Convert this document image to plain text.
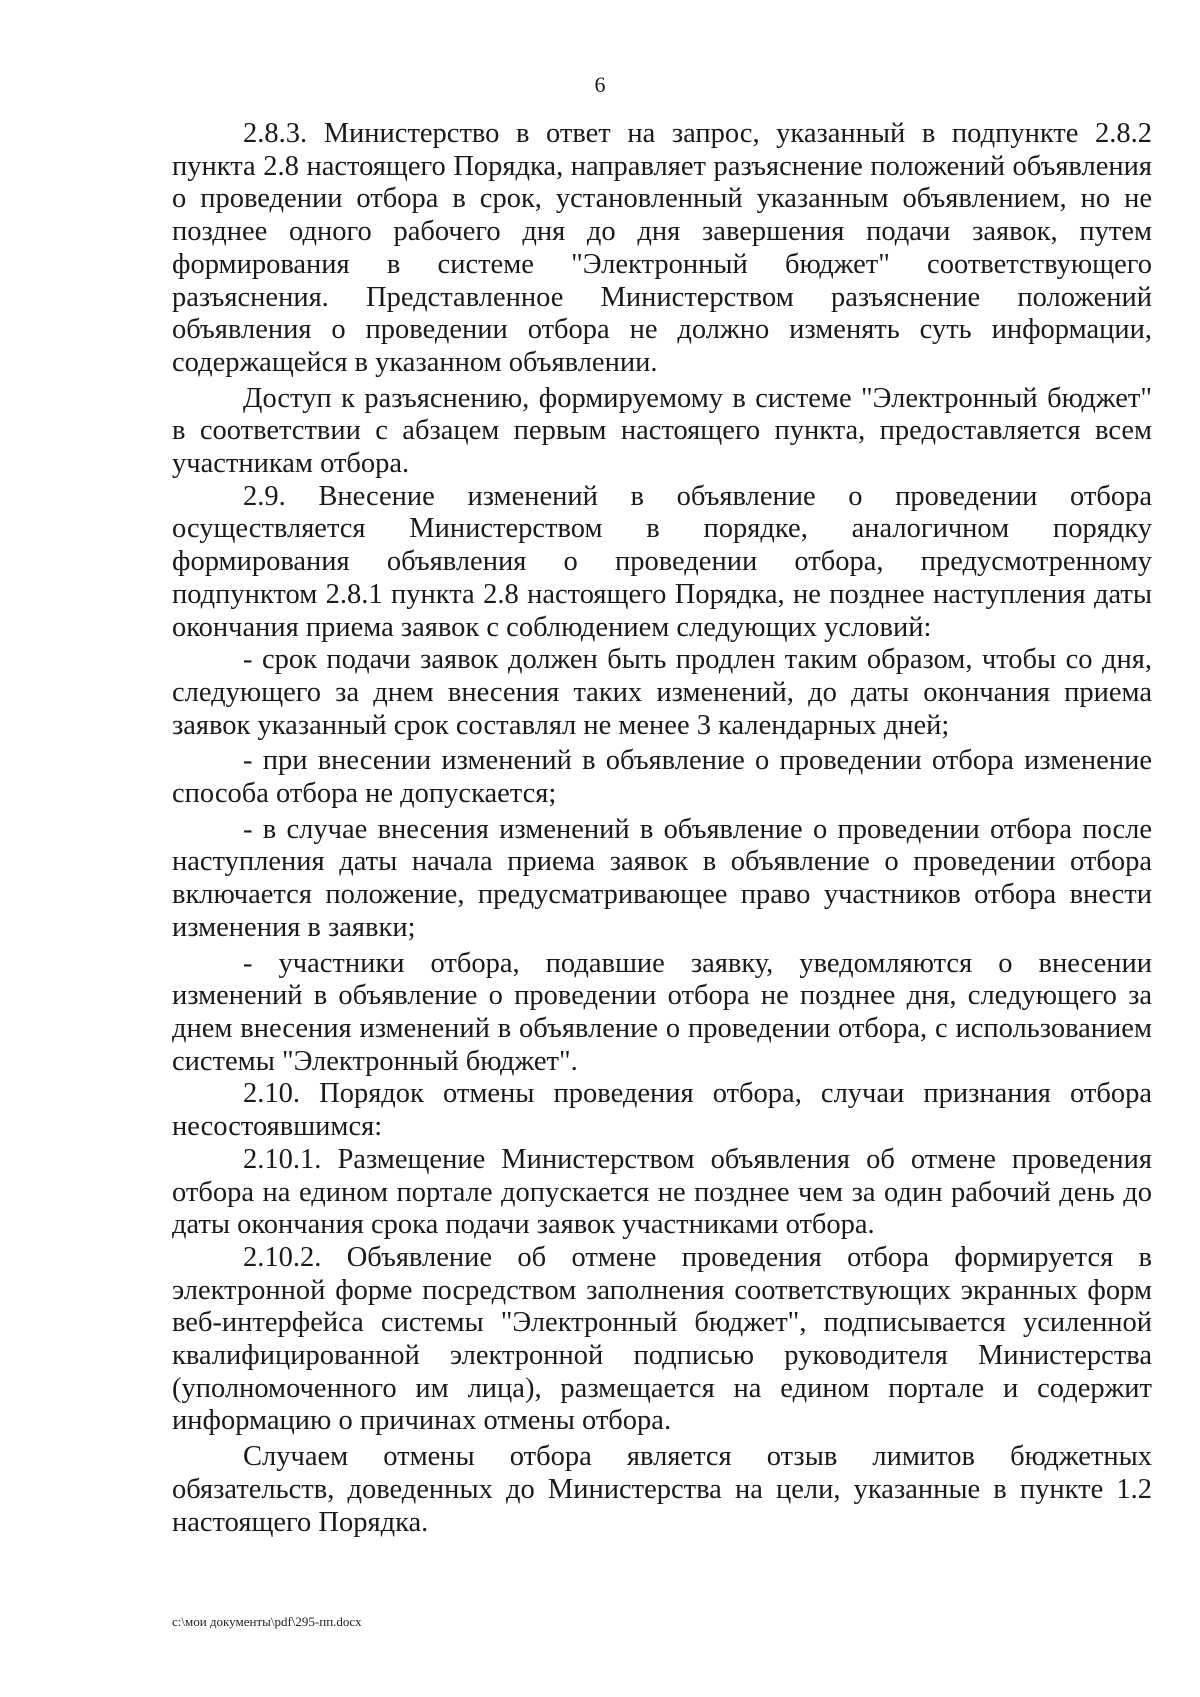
6

2.8.3. Министерство в ответ на запрос, указанный в подпункте 2.8.2 пункта 2.8 настоящего Порядка, направляет разъяснение положений объявления о проведении отбора в срок, установленный указанным объявлением, но не позднее одного рабочего дня до дня завершения подачи заявок, путем формирования в системе "Электронный бюджет" соответствующего разъяснения. Представленное Министерством разъяснение положений объявления о проведении отбора не должно изменять суть информации, содержащейся в указанном объявлении.

Доступ к разъяснению, формируемому в системе "Электронный бюджет" в соответствии с абзацем первым настоящего пункта, предоставляется всем участникам отбора.

2.9. Внесение изменений в объявление о проведении отбора осуществляется Министерством в порядке, аналогичном порядку формирования объявления о проведении отбора, предусмотренному подпунктом 2.8.1 пункта 2.8 настоящего Порядка, не позднее наступления даты окончания приема заявок с соблюдением следующих условий:

- срок подачи заявок должен быть продлен таким образом, чтобы со дня, следующего за днем внесения таких изменений, до даты окончания приема заявок указанный срок составлял не менее 3 календарных дней;

- при внесении изменений в объявление о проведении отбора изменение способа отбора не допускается;

- в случае внесения изменений в объявление о проведении отбора после наступления даты начала приема заявок в объявление о проведении отбора включается положение, предусматривающее право участников отбора внести изменения в заявки;

- участники отбора, подавшие заявку, уведомляются о внесении изменений в объявление о проведении отбора не позднее дня, следующего за днем внесения изменений в объявление о проведении отбора, с использованием системы "Электронный бюджет".

2.10. Порядок отмены проведения отбора, случаи признания отбора несостоявшимся:

2.10.1. Размещение Министерством объявления об отмене проведения отбора на едином портале допускается не позднее чем за один рабочий день до даты окончания срока подачи заявок участниками отбора.

2.10.2. Объявление об отмене проведения отбора формируется в электронной форме посредством заполнения соответствующих экранных форм веб-интерфейса системы "Электронный бюджет", подписывается усиленной квалифицированной электронной подписью руководителя Министерства (уполномоченного им лица), размещается на едином портале и содержит информацию о причинах отмены отбора.

Случаем отмены отбора является отзыв лимитов бюджетных обязательств, доведенных до Министерства на цели, указанные в пункте 1.2 настоящего Порядка.

c:\мои документы\pdf\295-пп.docx
